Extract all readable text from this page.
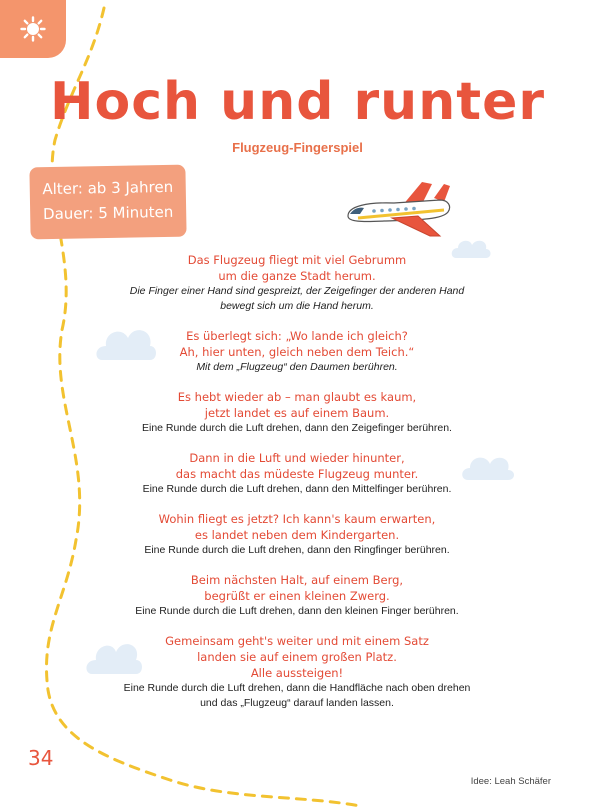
Hoch und runter
Flugzeug-Fingerspiel
Alter: ab 3 Jahren
Dauer: 5 Minuten
Das Flugzeug fliegt mit viel Gebrumm
um die ganze Stadt herum.
Die Finger einer Hand sind gespreizt, der Zeigefinger der anderen Hand
bewegt sich um die Hand herum.
Es überlegt sich: „Wo lande ich gleich?
Ah, hier unten, gleich neben dem Teich.“
Mit dem „Flugzeug“ den Daumen berühren.
Es hebt wieder ab – man glaubt es kaum,
jetzt landet es auf einem Baum.
Eine Runde durch die Luft drehen, dann den Zeigefinger berühren.
Dann in die Luft und wieder hinunter,
das macht das müdeste Flugzeug munter.
Eine Runde durch die Luft drehen, dann den Mittelfinger berühren.
Wohin fliegt es jetzt? Ich kann's kaum erwarten,
es landet neben dem Kindergarten.
Eine Runde durch die Luft drehen, dann den Ringfinger berühren.
Beim nächsten Halt, auf einem Berg,
begrüßt er einen kleinen Zwerg.
Eine Runde durch die Luft drehen, dann den kleinen Finger berühren.
Gemeinsam geht's weiter und mit einem Satz
landen sie auf einem großen Platz.
Alle aussteigen!
Eine Runde durch die Luft drehen, dann die Handfläche nach oben drehen
und das „Flugzeug“ darauf landen lassen.
34
Idee: Leah Schäfer
